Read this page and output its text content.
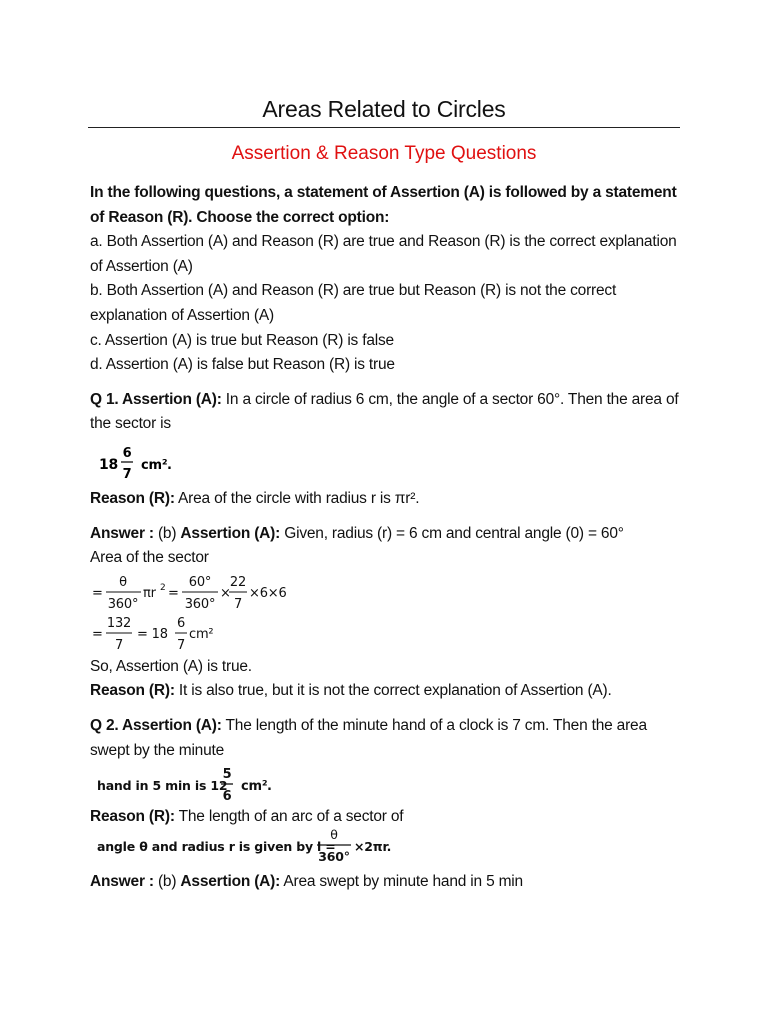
Areas Related to Circles
Assertion & Reason Type Questions

In the following questions, a statement of Assertion (A) is followed by a statement of Reason (R). Choose the correct option:

a. Both Assertion (A) and Reason (R) are true and Reason (R) is the correct explanation of Assertion (A)

b. Both Assertion (A) and Reason (R) are true but Reason (R) is not the correct explanation of Assertion (A)

c. Assertion (A) is true but Reason (R) is false

d. Assertion (A) is false but Reason (R) is true

Q 1. Assertion (A): In a circle of radius 6 cm, the angle of a sector 60°. Then the area of the sector is

18
6
7
cm² .

Reason (R): Area of the circle with radius r is πr².

Answer : (b) Assertion (A): Given, radius (r) = 6 cm and central angle (0) = 60°

Area of the sector

=
θ
360°
πr 2 =
60°
360°
×
22
7
×6×6
=
132
7
= 18
6
7
cm²

So, Assertion (A) is true.

Reason (R): It is also true, but it is not the correct explanation of Assertion (A).

Q 2. Assertion (A): The length of the minute hand of a clock is 7 cm. Then the area swept by the minute

hand in 5 min is 12
5
6
cm² .

Reason (R): The length of an arc of a sector of

angle θ and radius r is given by l =
θ
360°
×2πr.

Answer : (b) Assertion (A): Area swept by minute hand in 5 min
